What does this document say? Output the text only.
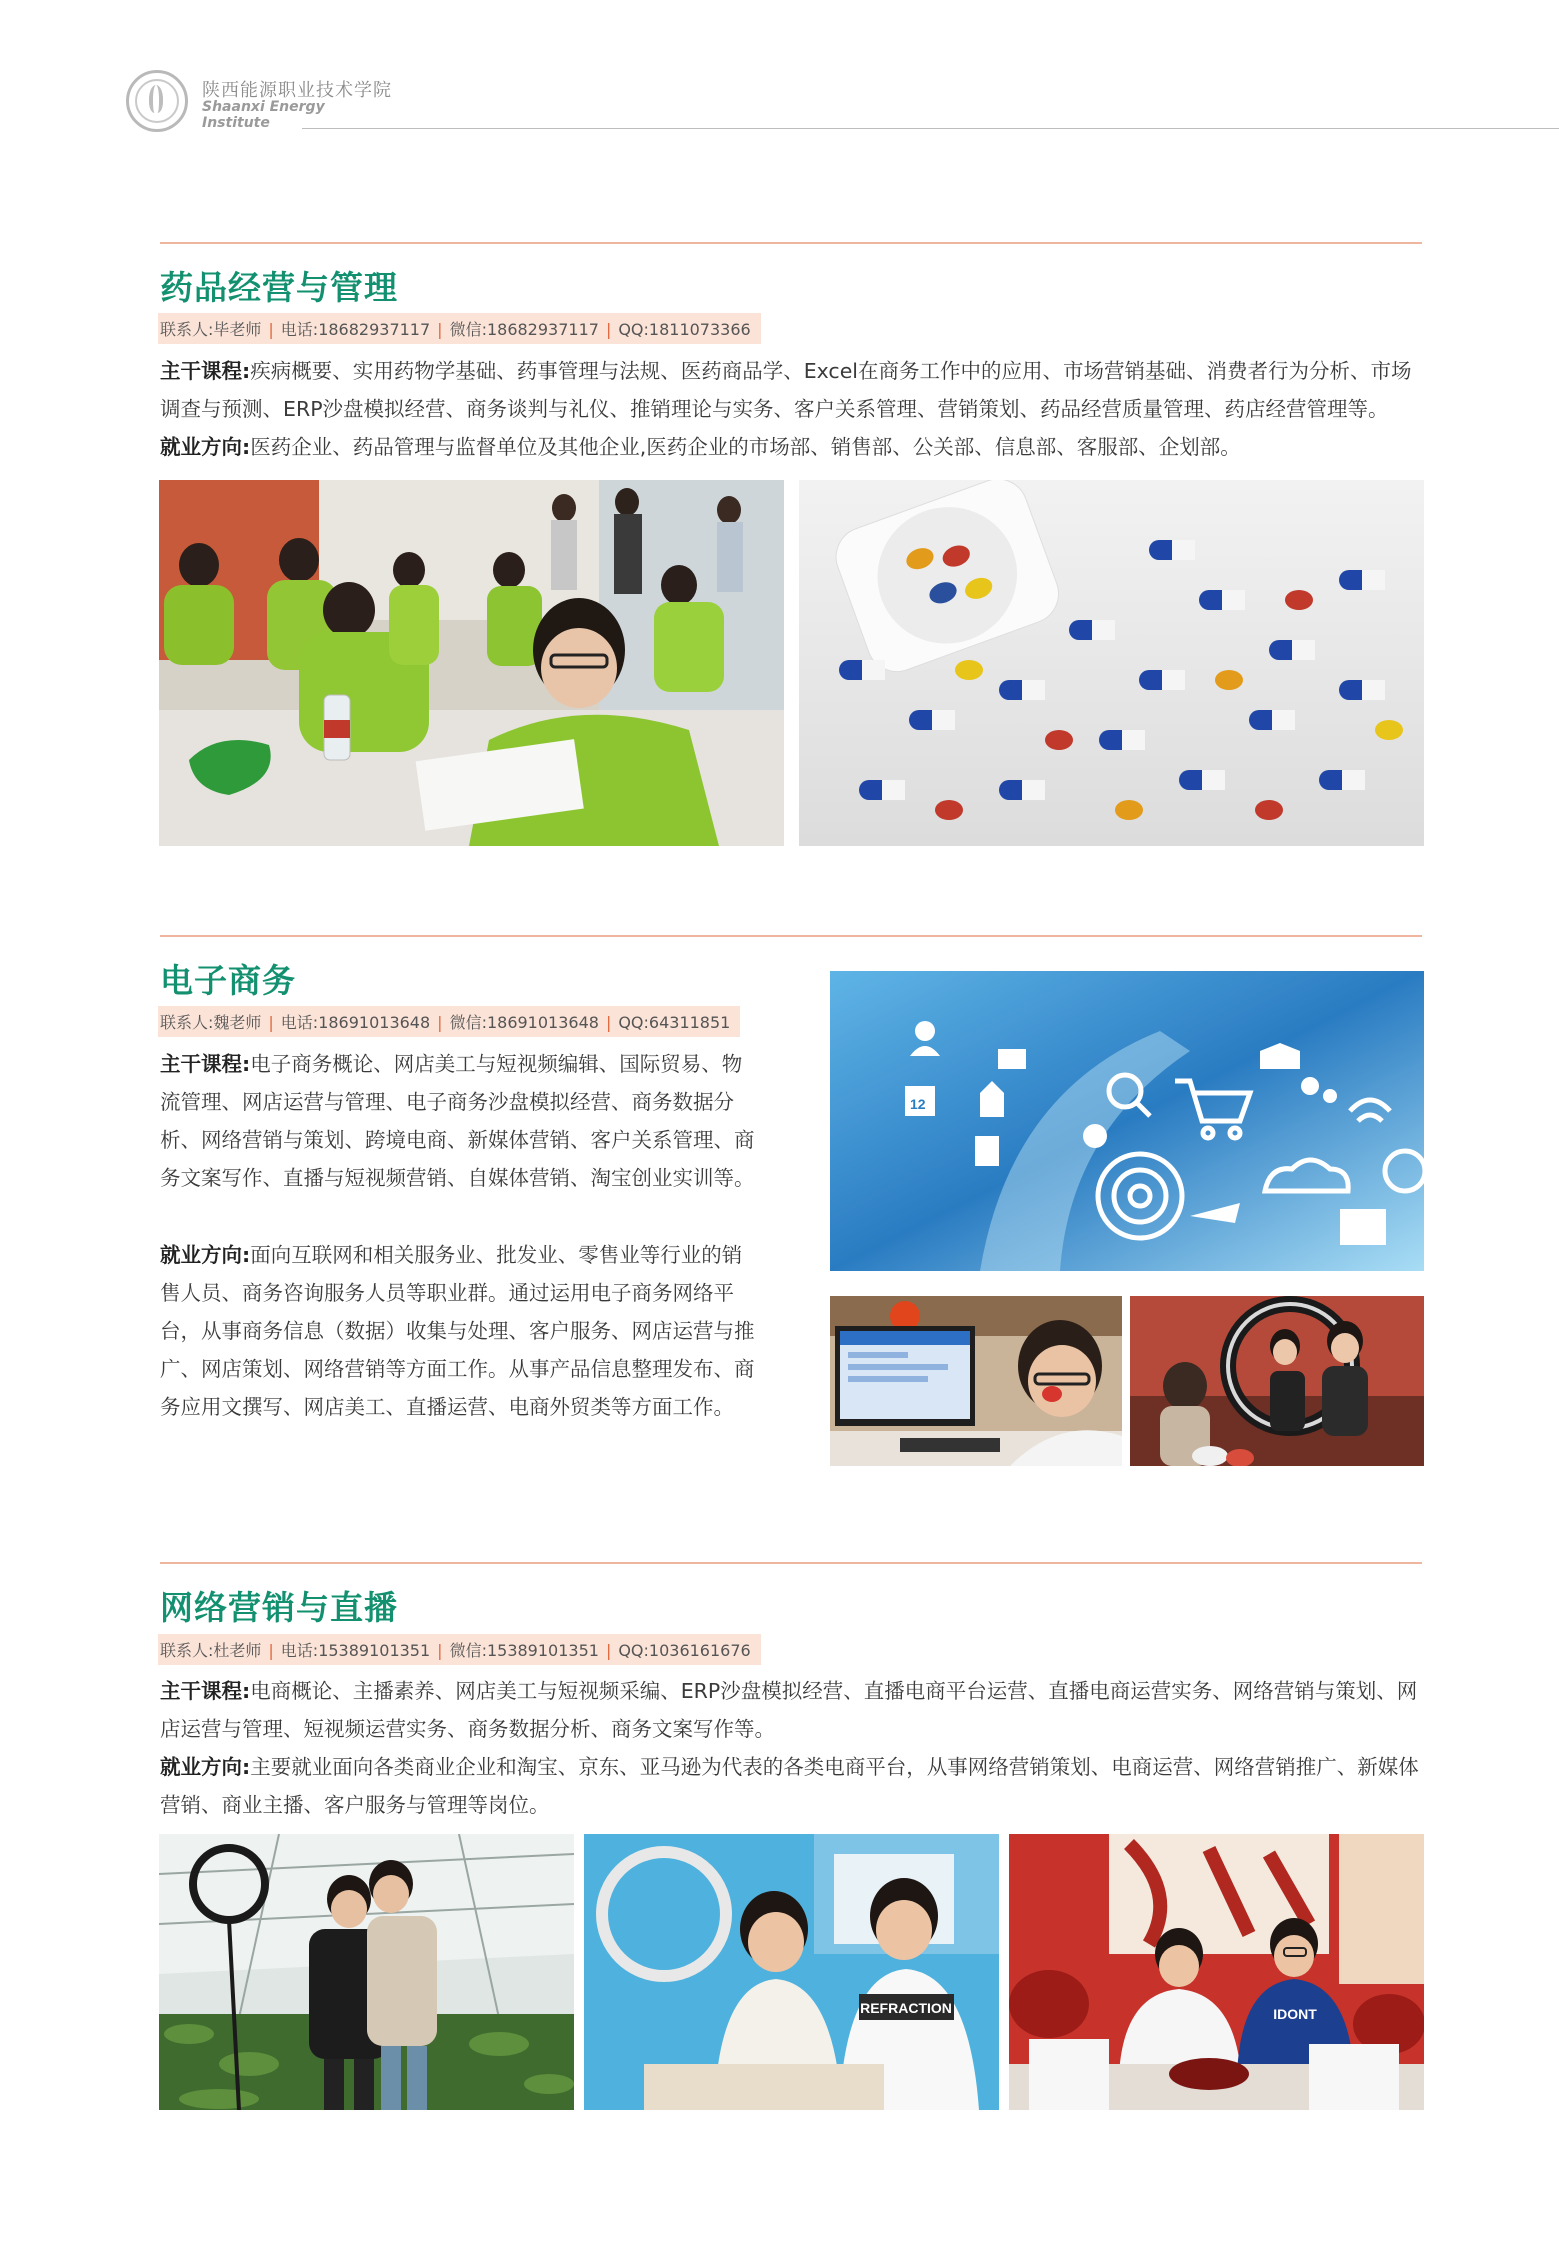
陕西能源职业技术学院
Shaanxi Energy
Institute
药品经营与管理
联系人:毕老师 | 电话:18682937117 | 微信:18682937117 | QQ:1811073366
主干课程:疾病概要、实用药物学基础、药事管理与法规、医药商品学、Excel在商务工作中的应用、市场营销基础、消费者行为分析、市场调查与预测、ERP沙盘模拟经营、商务谈判与礼仪、推销理论与实务、客户关系管理、营销策划、药品经营质量管理、药店经营管理等。
就业方向:医药企业、药品管理与监督单位及其他企业,医药企业的市场部、销售部、公关部、信息部、客服部、企划部。
电子商务
联系人:魏老师 | 电话:18691013648 | 微信:18691013648 | QQ:64311851
主干课程:电子商务概论、网店美工与短视频编辑、国际贸易、物流管理、网店运营与管理、电子商务沙盘模拟经营、商务数据分析、网络营销与策划、跨境电商、新媒体营销、客户关系管理、商务文案写作、直播与短视频营销、自媒体营销、淘宝创业实训等。
就业方向:面向互联网和相关服务业、批发业、零售业等行业的销售人员、商务咨询服务人员等职业群。通过运用电子商务网络平台，从事商务信息（数据）收集与处理、客户服务、网店运营与推广、网店策划、网络营销等方面工作。从事产品信息整理发布、商务应用文撰写、网店美工、直播运营、电商外贸类等方面工作。
12
网络营销与直播
联系人:杜老师 | 电话:15389101351 | 微信:15389101351 | QQ:1036161676
主干课程:电商概论、主播素养、网店美工与短视频采编、ERP沙盘模拟经营、直播电商平台运营、直播电商运营实务、网络营销与策划、网店运营与管理、短视频运营实务、商务数据分析、商务文案写作等。
就业方向:主要就业面向各类商业企业和淘宝、京东、亚马逊为代表的各类电商平台，从事网络营销策划、电商运营、网络营销推广、新媒体营销、商业主播、客户服务与管理等岗位。
REFRACTION	IDONT
